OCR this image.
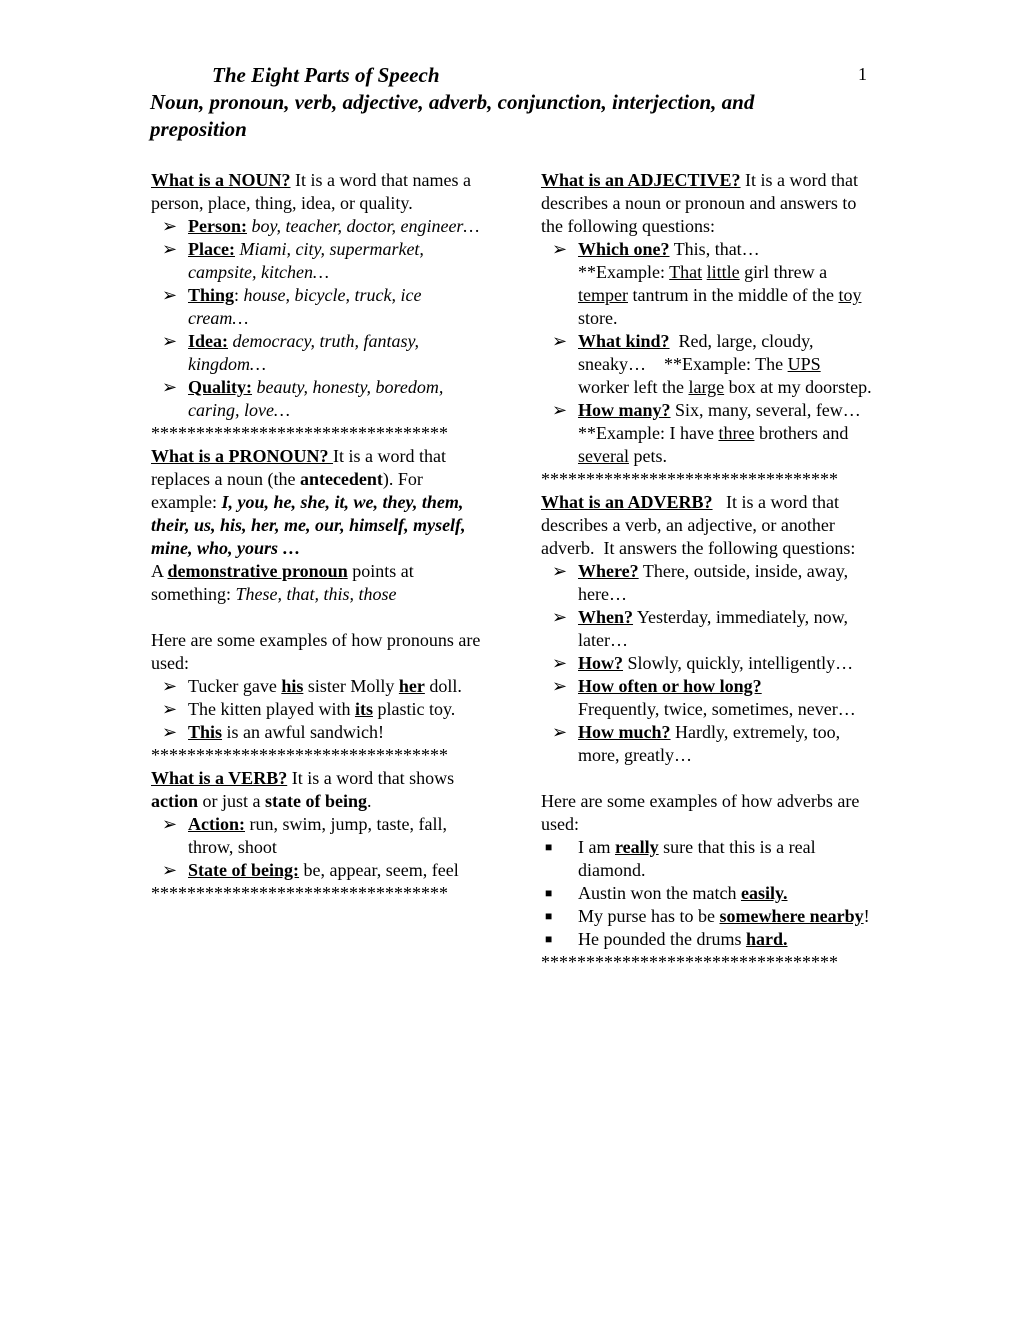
1
The Eight Parts of Speech
Noun, pronoun, verb, adjective, adverb, conjunction, interjection, and preposition

What is a NOUN? It is a word that names a person, place, thing, idea, or quality.

➢ Person: boy, teacher, doctor, engineer…
➢ Place: Miami, city, supermarket, campsite, kitchen…
➢ Thing: house, bicycle, truck, ice cream…
➢ Idea: democracy, truth, fantasy, kingdom…
➢ Quality: beauty, honesty, boredom, caring, love…

*********************************

What is a PRONOUN? It is a word that replaces a noun (the antecedent). For example: I, you, he, she, it, we, they, them, their, us, his, her, me, our, himself, myself, mine, who, yours …

A demonstrative pronoun points at something: These, that, this, those

Here are some examples of how pronouns are used:

➢ Tucker gave his sister Molly her doll.
➢ The kitten played with its plastic toy.
➢ This is an awful sandwich!

*********************************

What is a VERB? It is a word that shows action or just a state of being.

➢ Action: run, swim, jump, taste, fall, throw, shoot
➢ State of being: be, appear, seem, feel

*********************************

What is an ADJECTIVE? It is a word that describes a noun or pronoun and answers to the following questions:

➢ Which one? This, that…
**Example: That little girl threw a temper tantrum in the middle of the toy store.
➢ What kind?  Red, large, cloudy, sneaky…    **Example: The UPS worker left the large box at my doorstep.
➢ How many? Six, many, several, few… **Example: I have three brothers and several pets.

*********************************

What is an ADVERB?   It is a word that describes a verb, an adjective, or another adverb.  It answers the following questions:

➢ Where? There, outside, inside, away, here…
➢ When? Yesterday, immediately, now, later…
➢ How? Slowly, quickly, intelligently…
➢ How often or how long?
Frequently, twice, sometimes, never…
➢ How much? Hardly, extremely, too, more, greatly…

Here are some examples of how adverbs are used:

■ I am really sure that this is a real diamond.
■ Austin won the match easily.
■ My purse has to be somewhere nearby!
■ He pounded the drums hard.

*********************************
